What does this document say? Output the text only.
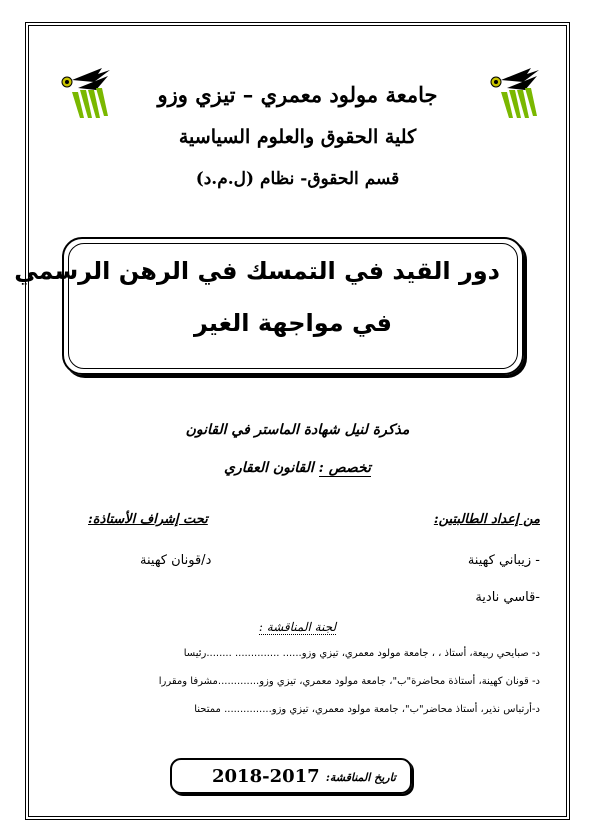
جامعة مولود معمري – تيزي وزو
كلية الحقوق والعلوم السياسية
قسم الحقوق- نظام (ل.م.د)
دور القيد في التمسك في الرهن الرسمي
في مواجهة الغير
مذكرة لنيل شهادة الماستر في القانون
تخصص : القانون العقاري
من إعداد الطالبتين:
تحت إشراف الأستاذة:
- زيباني كهينة
-قاسي نادية
د/قونان كهينة
لجنة المناقشة :
د- صبايحي ربيعة، أستاذ ، ، جامعة مولود معمري، تيزي وزو...... .............. ........رئيسا
د- قونان كهينة، أستاذة محاضرة"ب"، جامعة مولود معمري، تيزي وزو.............مشرفا ومقررا
د-أرتباس نذير، أستاذ محاضر"ب"، جامعة مولود معمري، تيزي وزو............... ممتحنا
تاريخ المناقشة:
2018-2017
